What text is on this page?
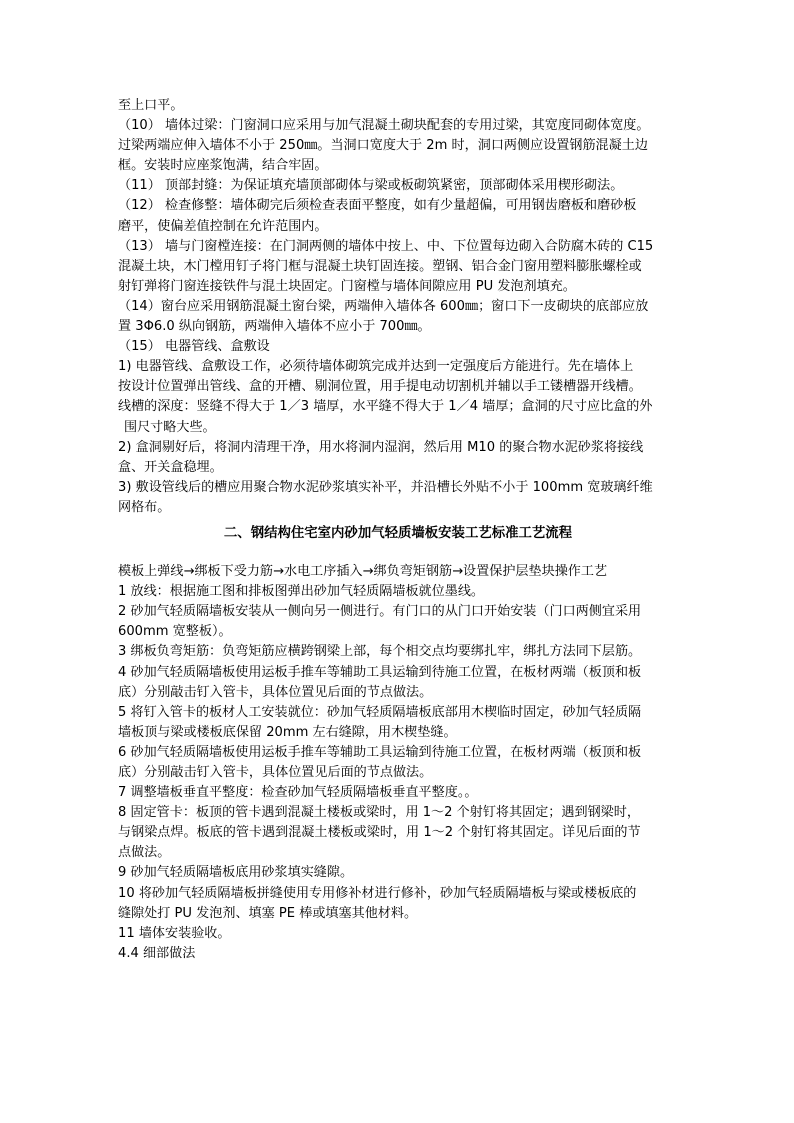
至上口平。

（10） 墙体过梁：门窗洞口应采用与加气混凝土砌块配套的专用过梁，其宽度同砌体宽度。

过梁两端应伸入墙体不小于 250㎜。当洞口宽度大于 2m 时，洞口两侧应设置钢筋混凝土边

框。安装时应座浆饱满，结合牢固。

（11） 顶部封缝：为保证填充墙顶部砌体与梁或板砌筑紧密，顶部砌体采用楔形砌法。

（12） 检查修整：墙体砌完后须检查表面平整度，如有少量超偏，可用钢齿磨板和磨砂板

磨平，使偏差值控制在允许范围内。

（13） 墙与门窗樘连接：在门洞两侧的墙体中按上、中、下位置每边砌入合防腐木砖的 C15

混凝土块，木门樘用钉子将门框与混凝土块钉固连接。塑钢、铝合金门窗用塑料膨胀螺栓或

射钉弹将门窗连接铁件与混土块固定。门窗樘与墙体间隙应用 PU 发泡剂填充。

（14）窗台应采用钢筋混凝土窗台梁，两端伸入墙体各 600㎜；窗口下一皮砌块的底部应放

置 3Φ6.0 纵向钢筋，两端伸入墙体不应小于 700㎜。

（15） 电器管线、盒敷设

1) 电器管线、盒敷设工作，必须待墙体砌筑完成并达到一定强度后方能进行。先在墙体上

按设计位置弹出管线、盒的开槽、剔洞位置，用手提电动切割机并辅以手工镂槽器开线槽。

线槽的深度：竖缝不得大于 1／3 墙厚，水平缝不得大于 1／4 墙厚；盒洞的尺寸应比盒的外

围尺寸略大些。

2) 盒洞剔好后，将洞内清理干净，用水将洞内湿润，然后用 M10 的聚合物水泥砂浆将接线

盒、开关盒稳埋。

3) 敷设管线后的槽应用聚合物水泥砂浆填实补平，并沿槽长外贴不小于 100mm 宽玻璃纤维

网格布。

二、钢结构住宅室内砂加气轻质墙板安装工艺标准工艺流程

模板上弹线→绑板下受力筋→水电工序插入→绑负弯矩钢筋→设置保护层垫块操作工艺

1 放线：根据施工图和排板图弹出砂加气轻质隔墙板就位墨线。

2 砂加气轻质隔墙板安装从一侧向另一侧进行。有门口的从门口开始安装（门口两侧宜采用

600mm 宽整板）。

3 绑板负弯矩筋：负弯矩筋应横跨钢梁上部，每个相交点均要绑扎牢，绑扎方法同下层筋。

4 砂加气轻质隔墙板使用运板手推车等辅助工具运输到待施工位置，在板材两端（板顶和板

底）分别敲击钉入管卡，具体位置见后面的节点做法。

5 将钉入管卡的板材人工安装就位：砂加气轻质隔墙板底部用木楔临时固定，砂加气轻质隔

墙板顶与梁或楼板底保留 20mm 左右缝隙，用木楔垫缝。

6 砂加气轻质隔墙板使用运板手推车等辅助工具运输到待施工位置，在板材两端（板顶和板

底）分别敲击钉入管卡，具体位置见后面的节点做法。

7 调整墙板垂直平整度：检查砂加气轻质隔墙板垂直平整度。。

8 固定管卡：板顶的管卡遇到混凝土楼板或梁时，用 1～2 个射钉将其固定；遇到钢梁时，

与钢梁点焊。板底的管卡遇到混凝土楼板或梁时，用 1～2 个射钉将其固定。详见后面的节

点做法。

9 砂加气轻质隔墙板底用砂浆填实缝隙。

10 将砂加气轻质隔墙板拼缝使用专用修补材进行修补，砂加气轻质隔墙板与梁或楼板底的

缝隙处打 PU 发泡剂、填塞 PE 棒或填塞其他材料。

11 墙体安装验收。

4.4 细部做法
